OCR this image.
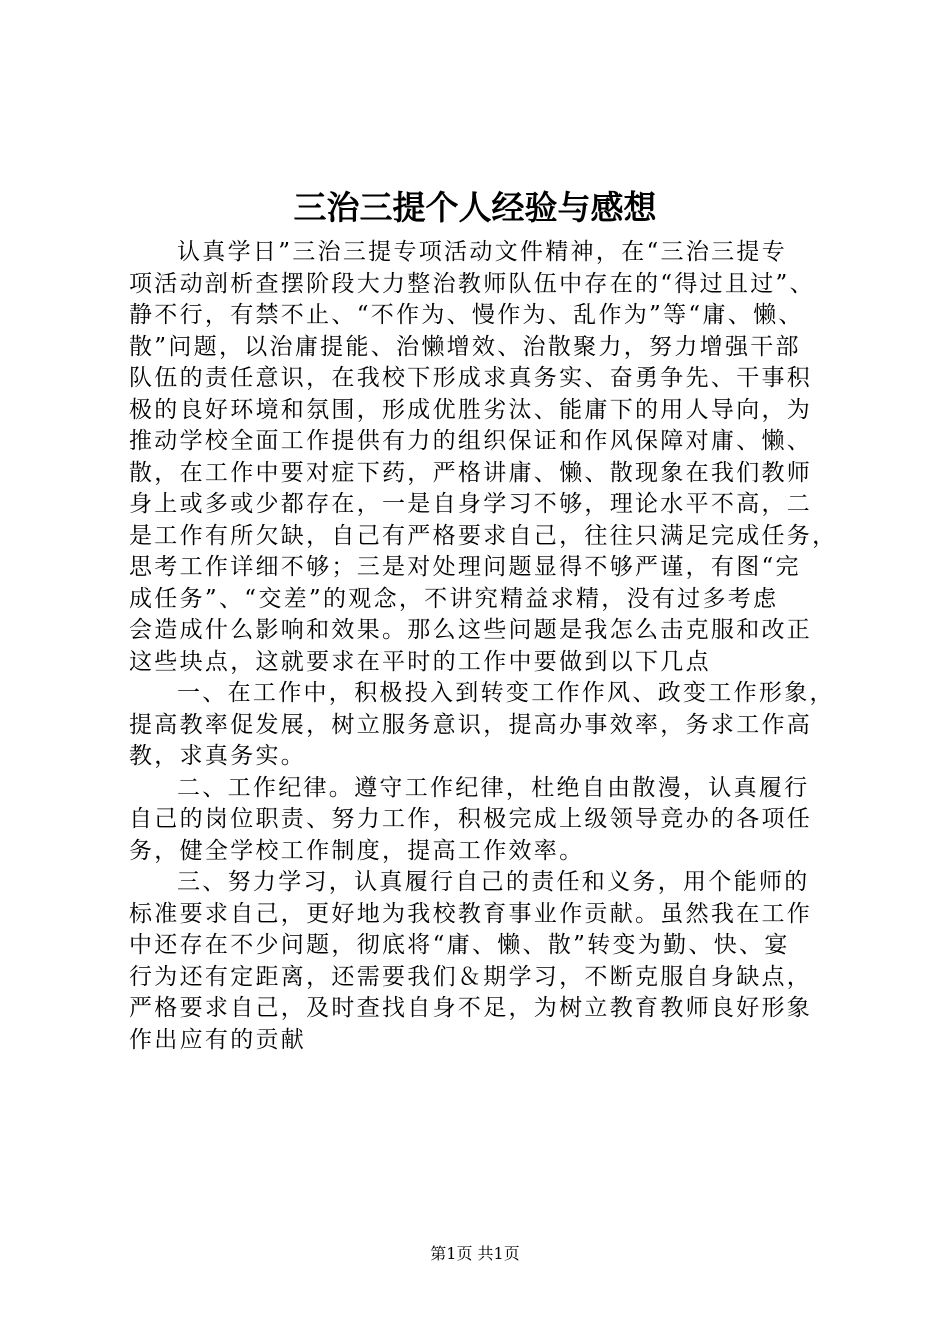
三治三提个人经验与感想
认真学日”三治三提专项活动文件精神，在“三治三提专
项活动剖析查摆阶段大力整治教师队伍中存在的“得过且过”、
静不行，有禁不止、“不作为、慢作为、乱作为”等“庸、懒、
散”问题，以治庸提能、治懒增效、治散聚力，努力增强干部
队伍的责任意识，在我校下形成求真务实、奋勇争先、干事积
极的良好环境和氛围，形成优胜劣汰、能庸下的用人导向，为
推动学校全面工作提供有力的组织保证和作风保障对庸、懒、
散，在工作中要对症下药，严格讲庸、懒、散现象在我们教师
身上或多或少都存在，一是自身学习不够，理论水平不高，二
是工作有所欠缺，自己有严格要求自己，往往只满足完成任务，
思考工作详细不够；三是对处理问题显得不够严谨，有图“完
成任务”、“交差”的观念，不讲究精益求精，没有过多考虑
会造成什么影响和效果。那么这些问题是我怎么击克服和改正
这些块点，这就要求在平时的工作中要做到以下几点
一、在工作中，积极投入到转变工作作风、政变工作形象，
提高教率促发展，树立服务意识，提高办事效率，务求工作高
教，求真务实。
二、工作纪律。遵守工作纪律，杜绝自由散漫，认真履行
自己的岗位职责、努力工作，积极完成上级领导竞办的各项任
务，健全学校工作制度，提高工作效率。
三、努力学习，认真履行自己的责任和义务，用个能师的
标准要求自己，更好地为我校教育事业作贡献。虽然我在工作
中还存在不少问题，彻底将“庸、懒、散”转变为勤、快、宴
行为还有定距离，还需要我们＆期学习，不断克服自身缺点，
严格要求自己，及时查找自身不足，为树立教育教师良好形象
作出应有的贡献
第1页 共1页
